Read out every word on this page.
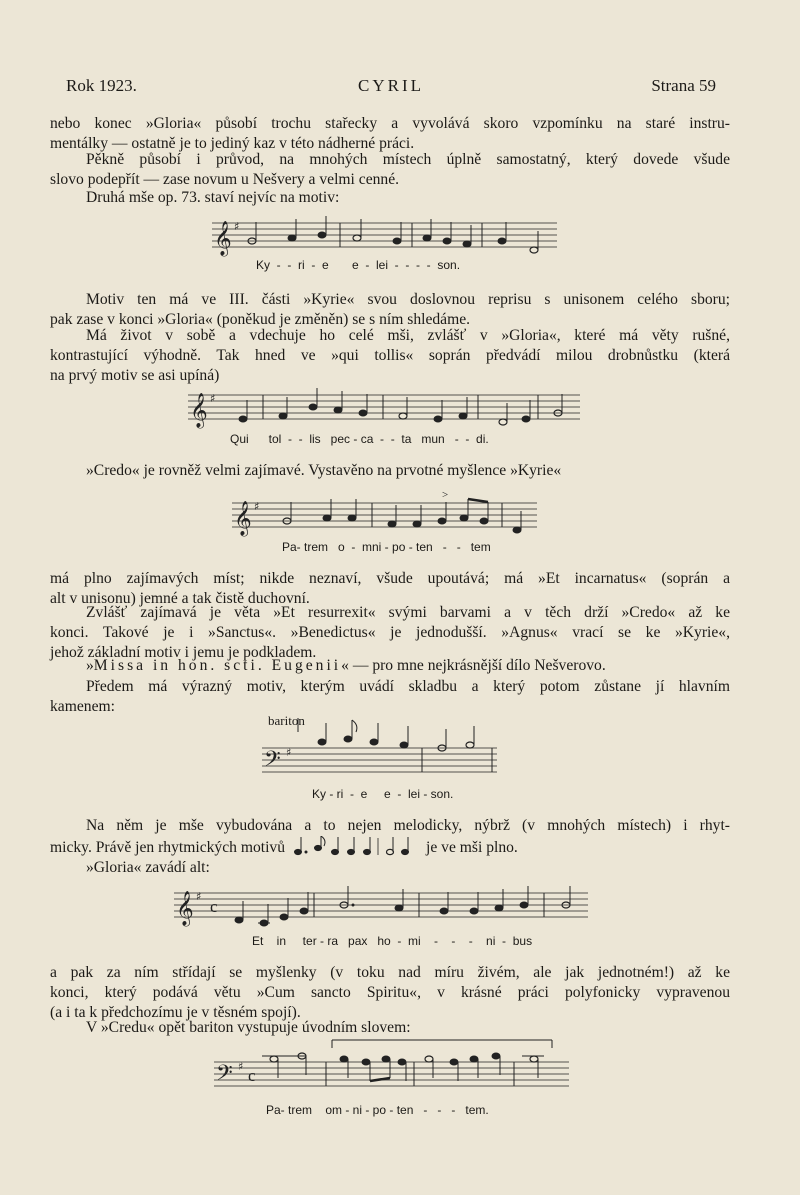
Rok 1923.	CYRIL	Strana 59
nebo konec »Gloria« působí trochu stařecky a vyvolává skoro vzpomínku na staré instru-
mentálky — ostatně je to jediný kaz v této nádherné práci.
Pěkně působí i průvod, na mnohých místech úplně samostatný, který dovede všude
slovo podepřít — zase novum u Nešvery a velmi cenné.
Druhá mše op. 73. staví nejvíc na motiv:
𝄞 ♯
Ky  -  -  ri  -  e       e  -  lei  -  -  -  -  son.
Motiv ten má ve III. části »Kyrie« svou doslovnou reprisu s unisonem celého sboru;
pak zase v konci »Gloria« (poněkud je změněn) se s ním shledáme.
Má život v sobě a vdechuje ho celé mši, zvlášť v »Gloria«, které má věty rušné,
kontrastující výhodně. Tak hned ve »qui tollis« soprán předvádí milou drobnůstku (která
na prvý motiv se asi upíná)
𝄞 ♯
Qui      tol  -  -  lis   pec - ca  -  -  ta   mun   -  -  di.
»Credo« je rovněž velmi zajímavé. Vystavěno na prvotné myšlence »Kyrie«
𝄞 ♯
>
Pa- trem   o  -  mni - po - ten   -   -   tem
má plno zajímavých míst; nikde neznaví, všude upoutává; má »Et incarnatus« (soprán a
alt v unisonu) jemné a tak čistě duchovní.
Zvlášť zajímavá je věta »Et resurrexit« svými barvami a v těch drží »Credo« až ke
konci. Takové je i »Sanctus«. »Benedictus« je jednodušší. »Agnus« vrací se ke »Kyrie«,
jehož základní motiv i jemu je podkladem.
»Missa in hon. scti. Eugenii« — pro mne nejkrásnější dílo Nešverovo.
Předem má výrazný motiv, kterým uvádí skladbu a který potom zůstane jí hlavním
kamenem:
bariton
𝄢 ♯
Ky - ri  -  e     e  -  lei - son.
Na něm je mše vybudována a to nejen melodicky, nýbrž (v mnohých místech) i rhyt-
micky. Právě jen rhytmických motivů	je ve mši plno.
»Gloria« zavádí alt:
𝄞 ♯
c
Et    in     ter - ra   pax   ho  -  mi    -    -    -    ni  -  bus
a pak za ním střídají se myšlenky (v toku nad míru živém, ale jak jednotném!) až ke
konci, který podává větu »Cum sancto Spiritu«, v krásné práci polyfonicky vypravenou
(a i ta k předchozímu je v těsném spojí).
V »Credu« opět bariton vystupuje úvodním slovem:
𝄢 ♯ c
Pa- trem    om - ni - po - ten   -   -   -   tem.
